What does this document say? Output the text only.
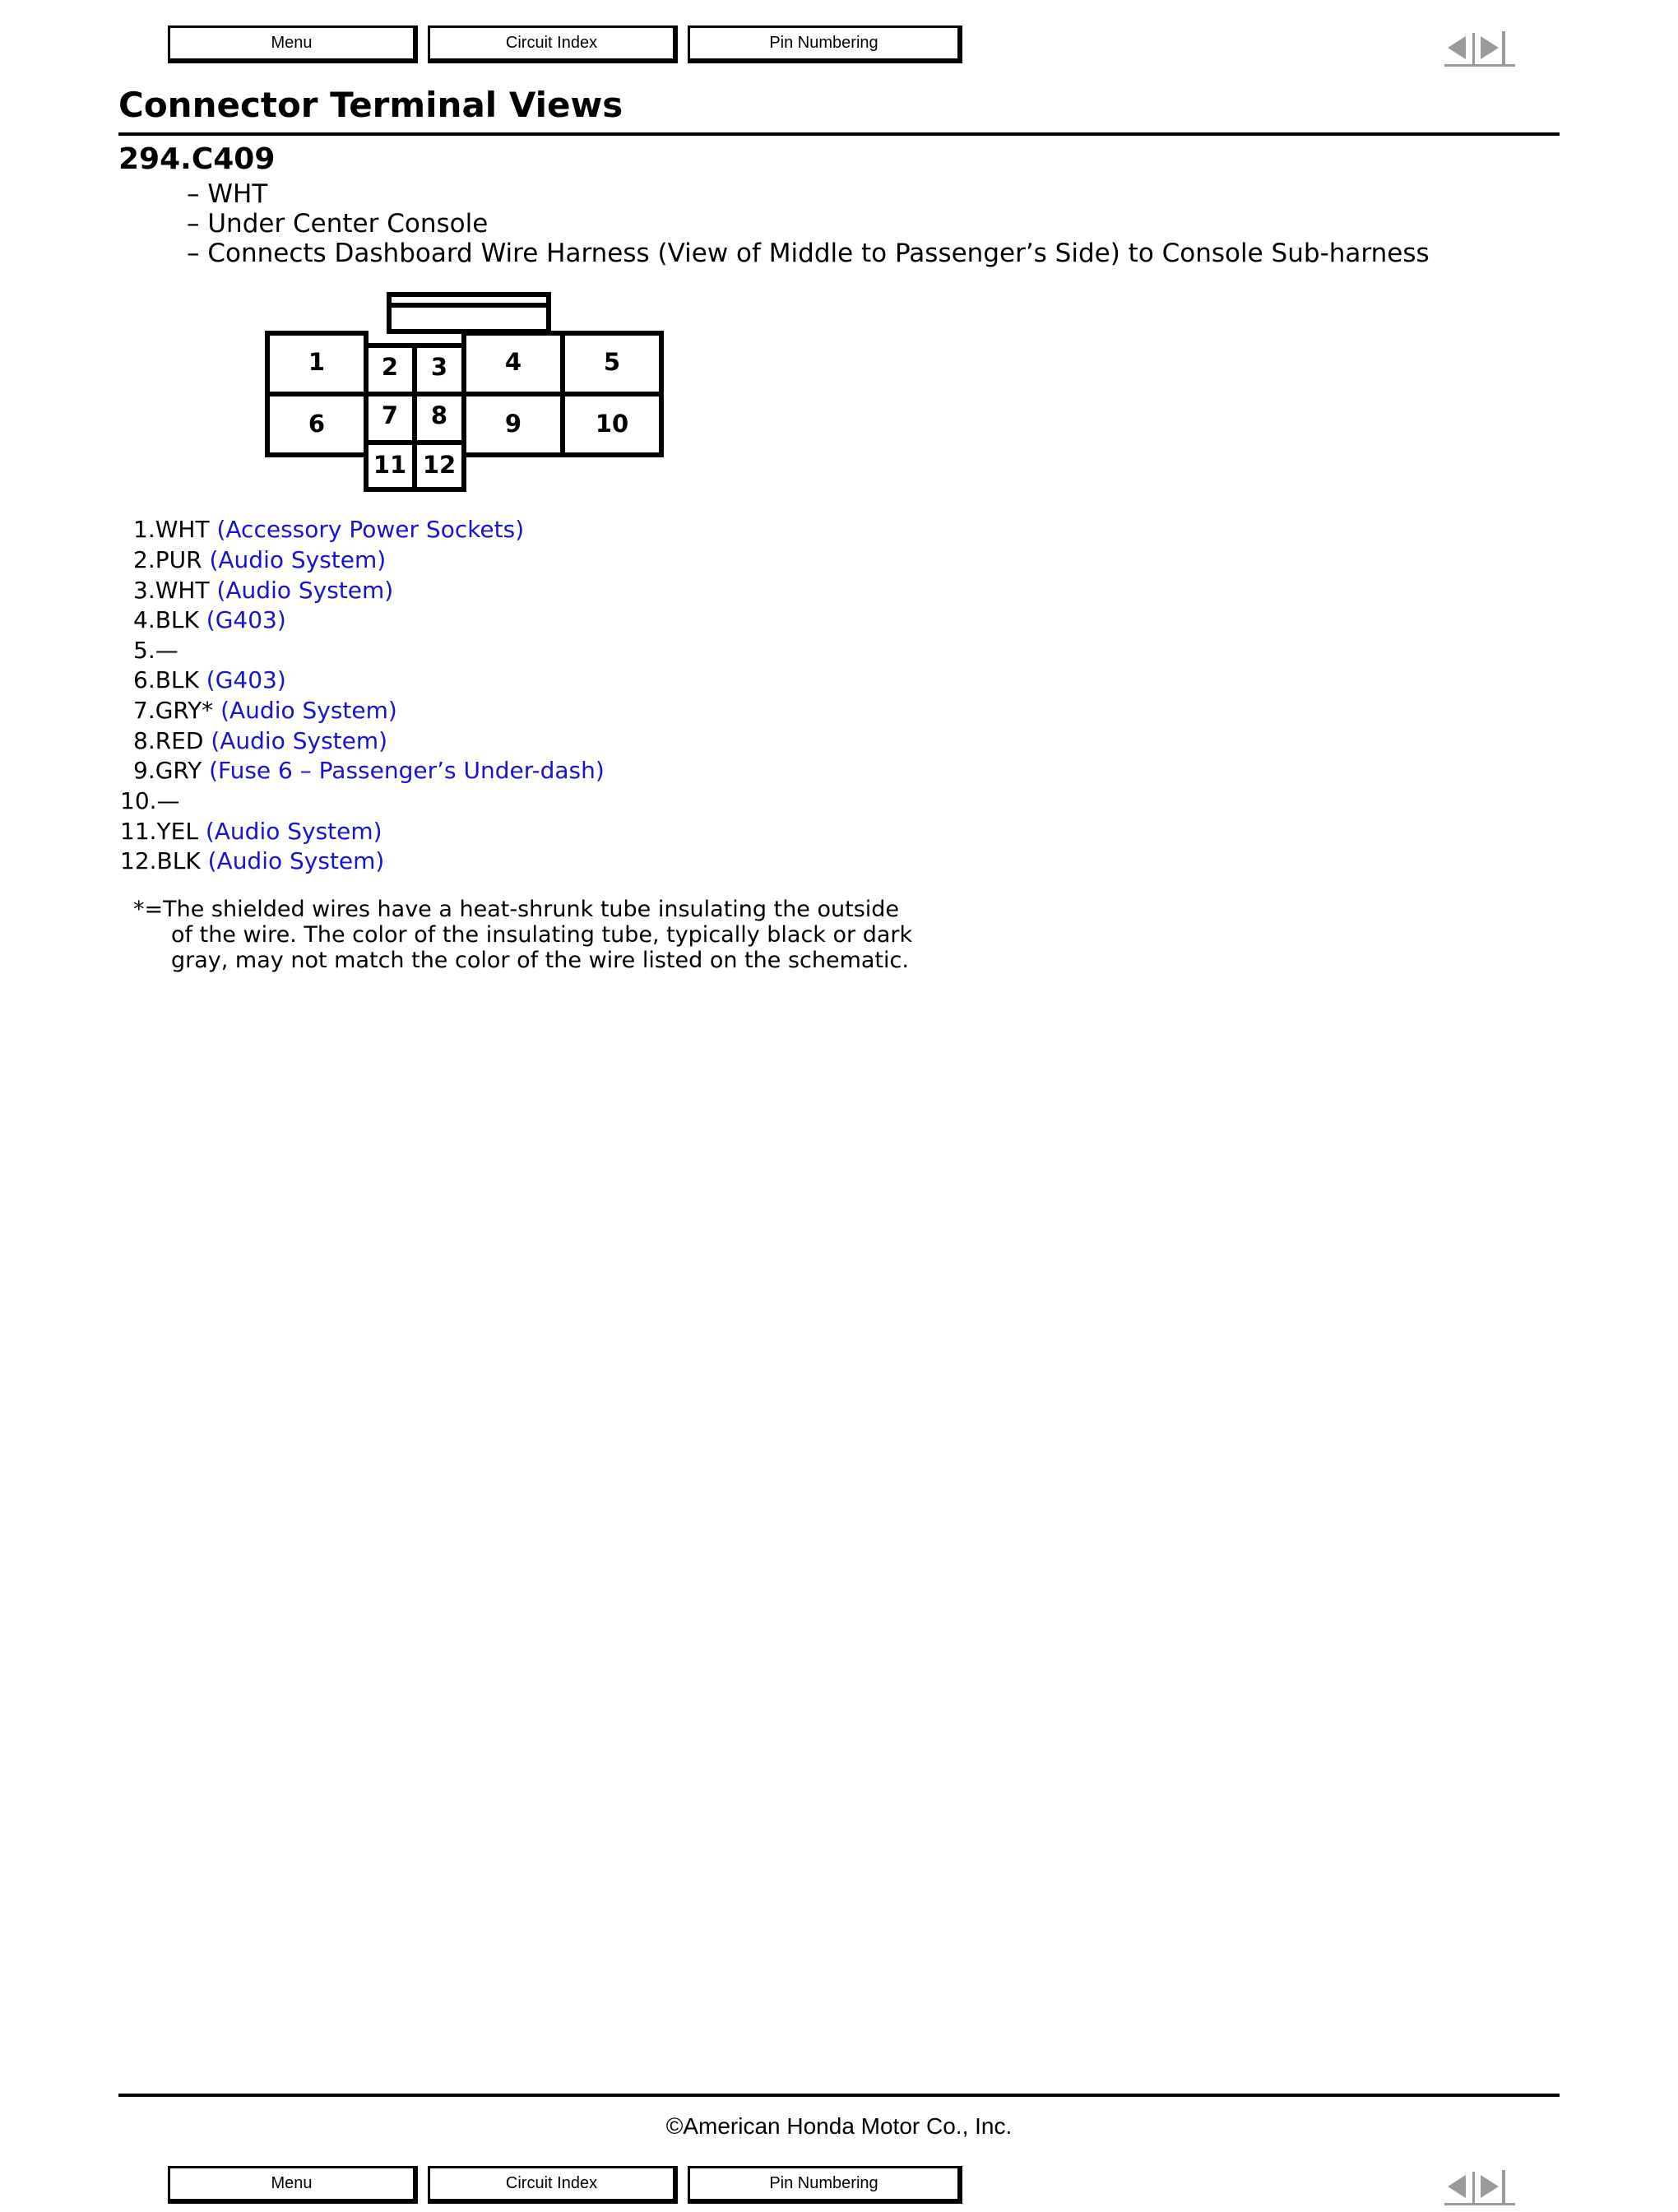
Menu	Circuit Index	Pin Numbering
Connector Terminal Views
294.C409
– WHT
– Under Center Console
– Connects Dashboard Wire Harness (View of Middle to Passenger’s Side) to Console Sub-harness
1 2 3 4	5
6 7 8 9	10
11 12
1.WHT (Accessory Power Sockets)
2.PUR (Audio System)
3.WHT (Audio System)
4.BLK (G403)
5.—
6.BLK (G403)
7.GRY* (Audio System)
8.RED (Audio System)
9.GRY (Fuse 6 – Passenger’s Under-dash)
10.—
11.YEL (Audio System)
12.BLK (Audio System)
*=The shielded wires have a heat-shrunk tube insulating the outside
of the wire. The color of the insulating tube, typically black or dark
gray, may not match the color of the wire listed on the schematic.
©American Honda Motor Co., Inc.
Menu	Circuit Index	Pin Numbering
